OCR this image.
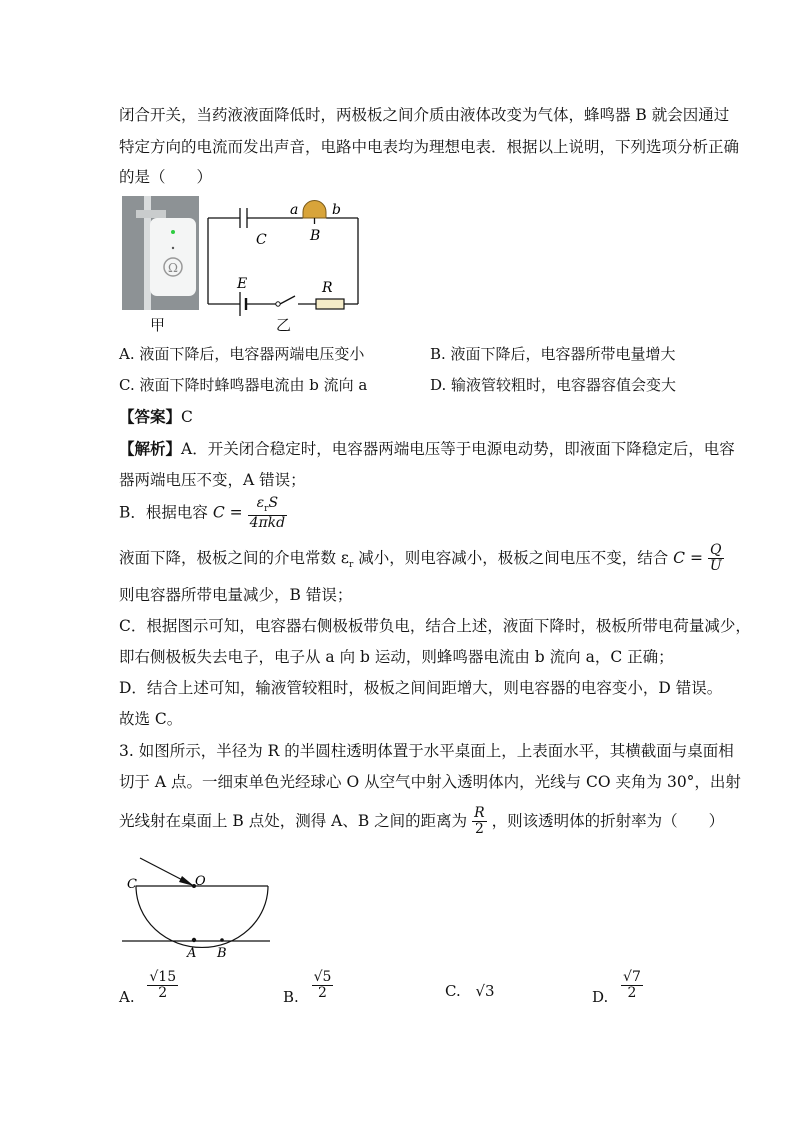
闭合开关，当药液液面降低时，两极板之间介质由液体改变为气体，蜂鸣器 B 就会因通过
特定方向的电流而发出声音，电路中电表均为理想电表．根据以上说明，下列选项分析正确
的是（　　）
Ω
甲
a b
B
C
E	R
乙
A. 液面下降后，电容器两端电压变小	B. 液面下降后，电容器所带电量增大
C. 液面下降时蜂鸣器电流由 b 流向 a	D. 输液管较粗时，电容器容值会变大
【答案】C
【解析】A．开关闭合稳定时，电容器两端电压等于电源电动势，即液面下降稳定后，电容
器两端电压不变，A 错误；
B．根据电容 $C = \frac{\varepsilon_rS}{\text{4πkd}}$
液面下降，极板之间的介电常数 $\varepsilon_r$ 减小，则电容减小，极板之间电压不变，结合 $C = \frac{Q}{U}$
则电容器所带电量减少，B 错误；
C．根据图示可知，电容器右侧极板带负电，结合上述，液面下降时，极板所带电荷量减少，
即右侧极板失去电子，电子从 a 向 b 运动，则蜂鸣器电流由 b 流向 a，C 正确；
D．结合上述可知，输液管较粗时，极板之间间距增大，则电容器的电容变小，D 错误。
故选 C。
3. 如图所示，半径为 R 的半圆柱透明体置于水平桌面上，上表面水平，其横截面与桌面相
切于 A 点。一细束单色光经球心 O 从空气中射入透明体内，光线与 CO 夹角为 30°，出射
光线射在桌面上 B 点处，测得 A、B 之间的距离为 $\frac{R}{2}$ ，则该透明体的折射率为（　　）
C	O
A B
A. $\frac{√15}{2}$	B. $\frac{√5}{2}$	C. √3	D. $\frac{√7}{2}$
